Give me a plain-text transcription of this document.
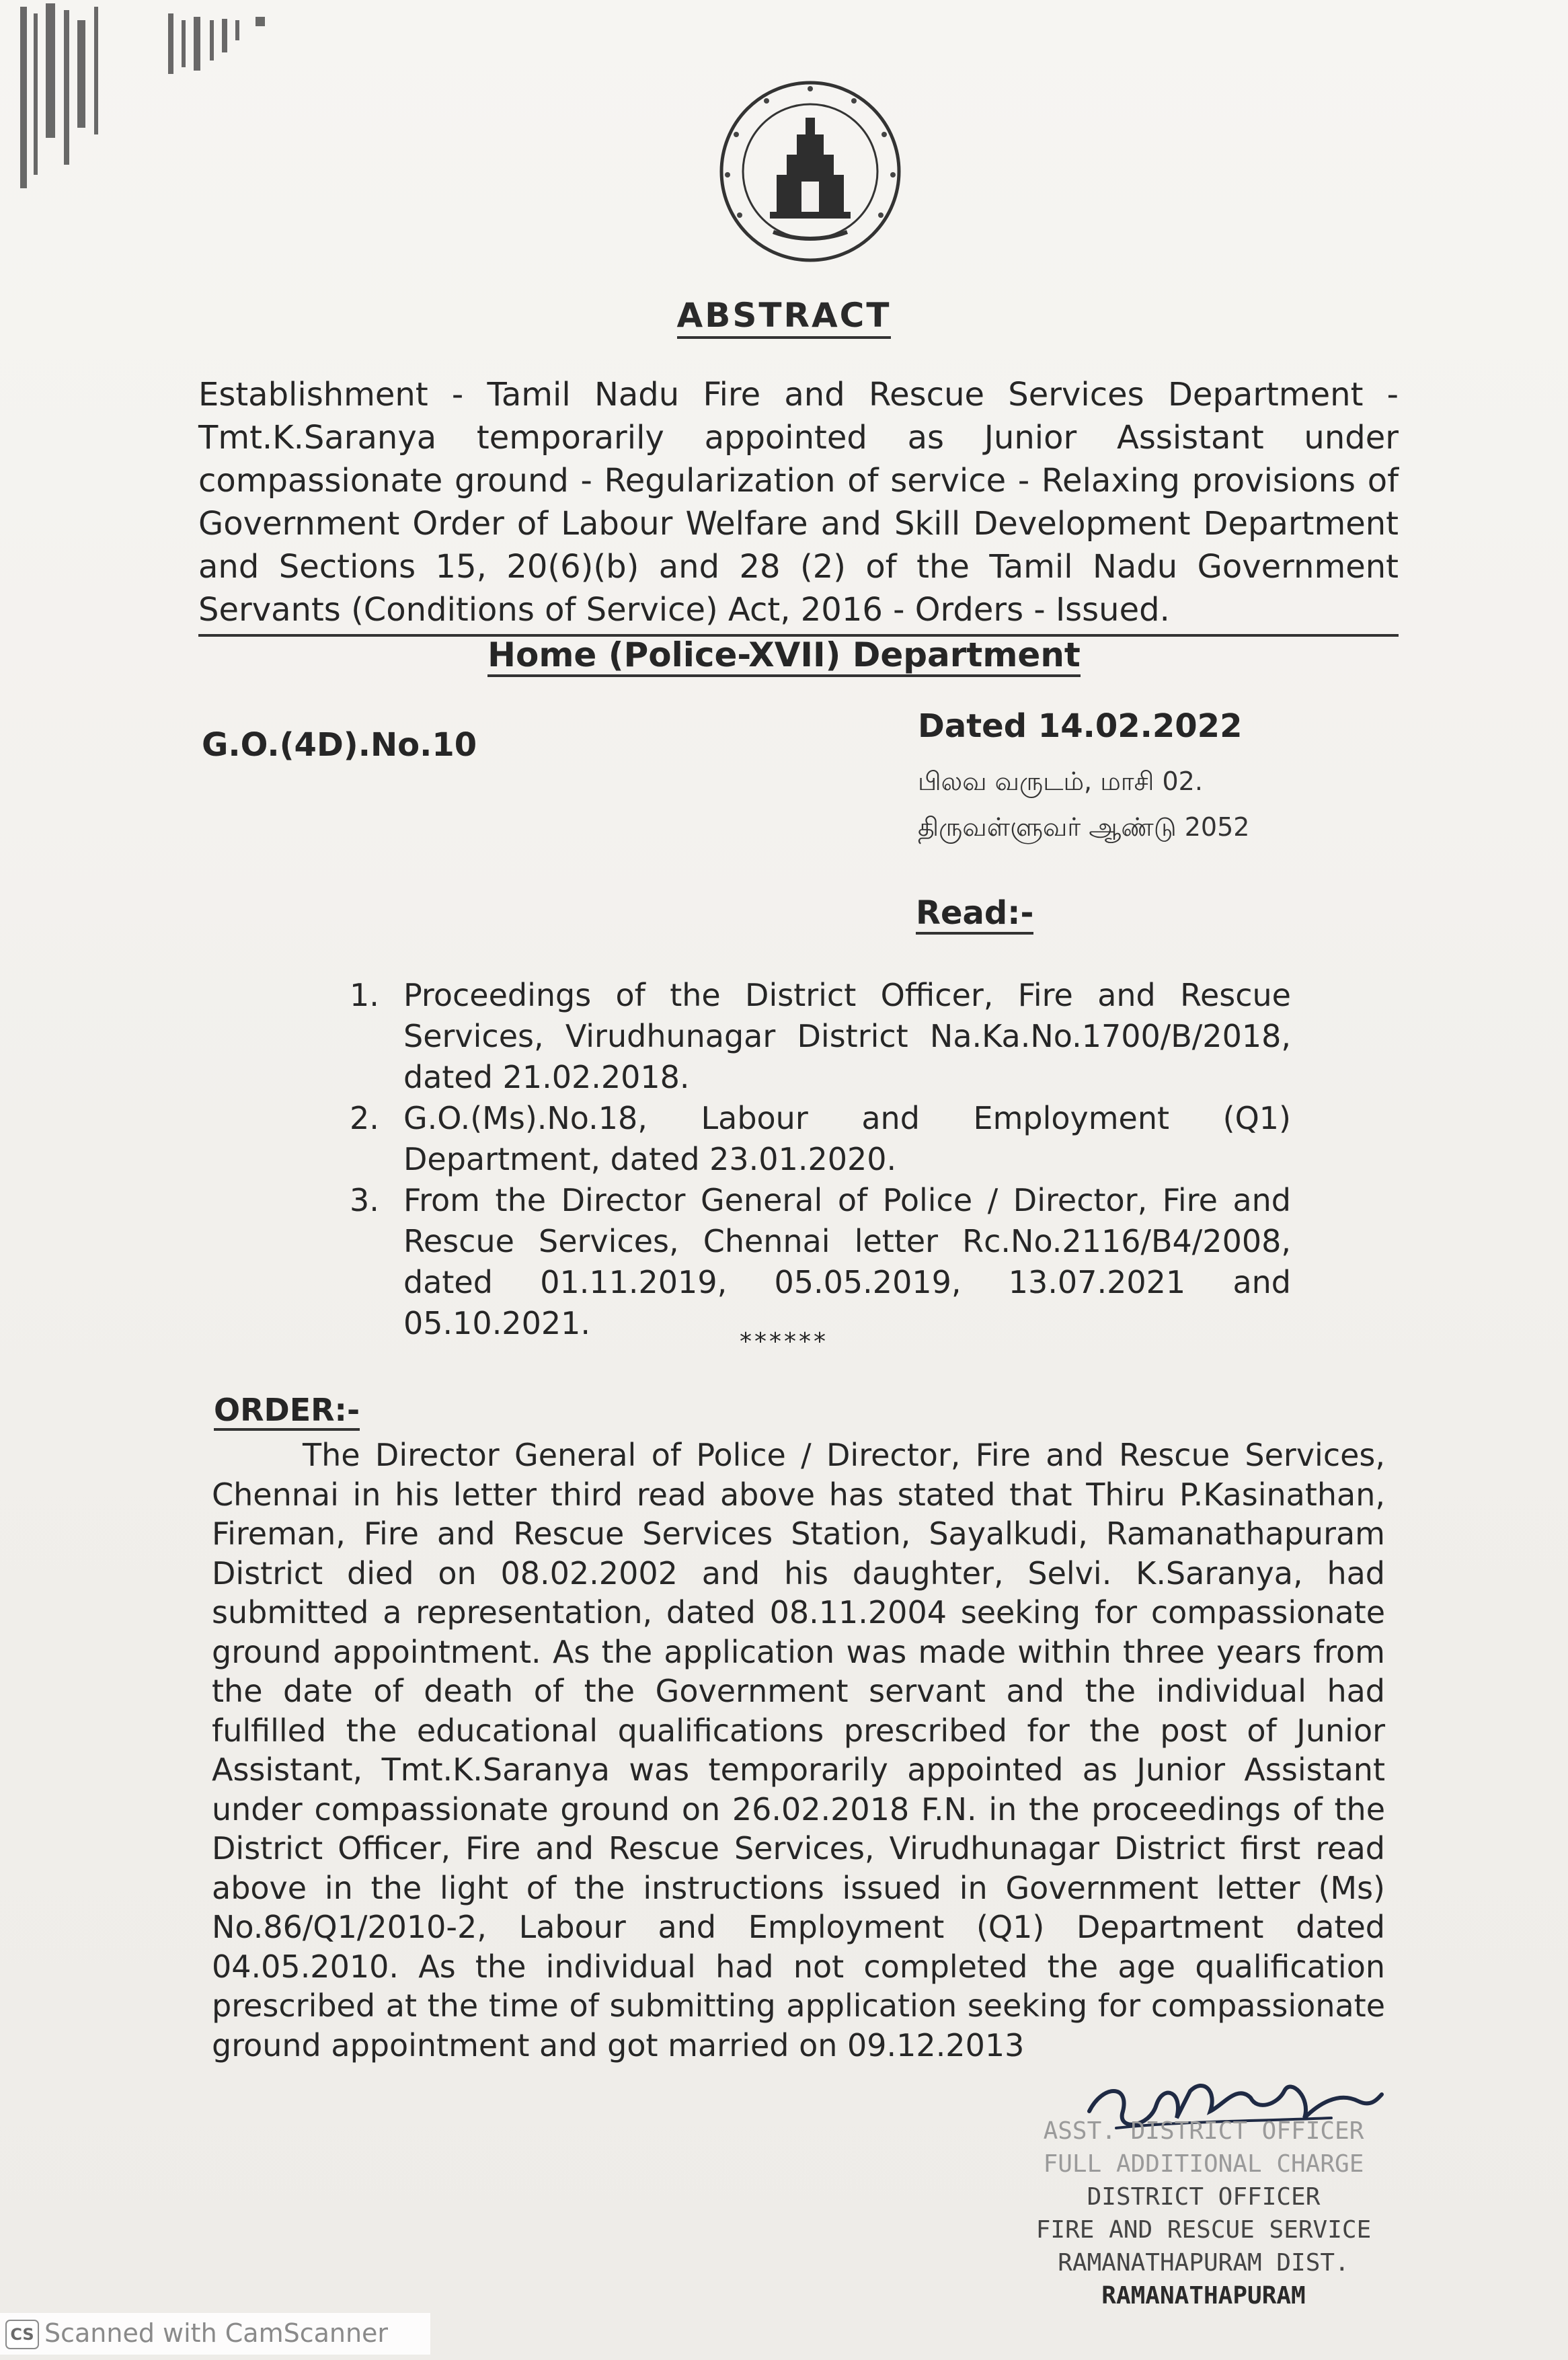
ABSTRACT
Establishment - Tamil Nadu Fire and Rescue Services Department - Tmt.K.Saranya temporarily appointed as Junior Assistant under compassionate ground - Regularization of service - Relaxing provisions of Government Order of Labour Welfare and Skill Development Department and Sections 15, 20(6)(b) and 28 (2) of the Tamil Nadu Government Servants (Conditions of Service) Act, 2016 - Orders - Issued.
Home (Police-XVII) Department
G.O.(4D).No.10	Dated 14.02.2022
பிலவ வருடம், மாசி 02.
திருவள்ளுவர் ஆண்டு 2052
Read:-
1. Proceedings of the District Officer, Fire and Rescue Services, Virudhunagar District Na.Ka.No.1700/B/2018, dated 21.02.2018.
2. G.O.(Ms).No.18, Labour and Employment (Q1) Department, dated 23.01.2020.
3. From the Director General of Police / Director, Fire and Rescue Services, Chennai letter Rc.No.2116/B4/2008, dated 01.11.2019, 05.05.2019, 13.07.2021 and 05.10.2021.
******
ORDER:-
The Director General of Police / Director, Fire and Rescue Services, Chennai in his letter third read above has stated that Thiru P.Kasinathan, Fireman, Fire and Rescue Services Station, Sayalkudi, Ramanathapuram District died on 08.02.2002 and his daughter, Selvi. K.Saranya, had submitted a representation, dated 08.11.2004 seeking for compassionate ground appointment. As the application was made within three years from the date of death of the Government servant and the individual had fulfilled the educational qualifications prescribed for the post of Junior Assistant, Tmt.K.Saranya was temporarily appointed as Junior Assistant under compassionate ground on 26.02.2018 F.N. in the proceedings of the District Officer, Fire and Rescue Services, Virudhunagar District first read above in the light of the instructions issued in Government letter (Ms) No.86/Q1/2010-2, Labour and Employment (Q1) Department dated 04.05.2010. As the individual had not completed the age qualification prescribed at the time of submitting application seeking for compassionate ground appointment and got married on 09.12.2013
ASST. DISTRICT OFFICER
FULL ADDITIONAL CHARGE
DISTRICT OFFICER
FIRE AND RESCUE SERVICE
RAMANATHAPURAM DIST.
RAMANATHAPURAM
CS Scanned with CamScanner
